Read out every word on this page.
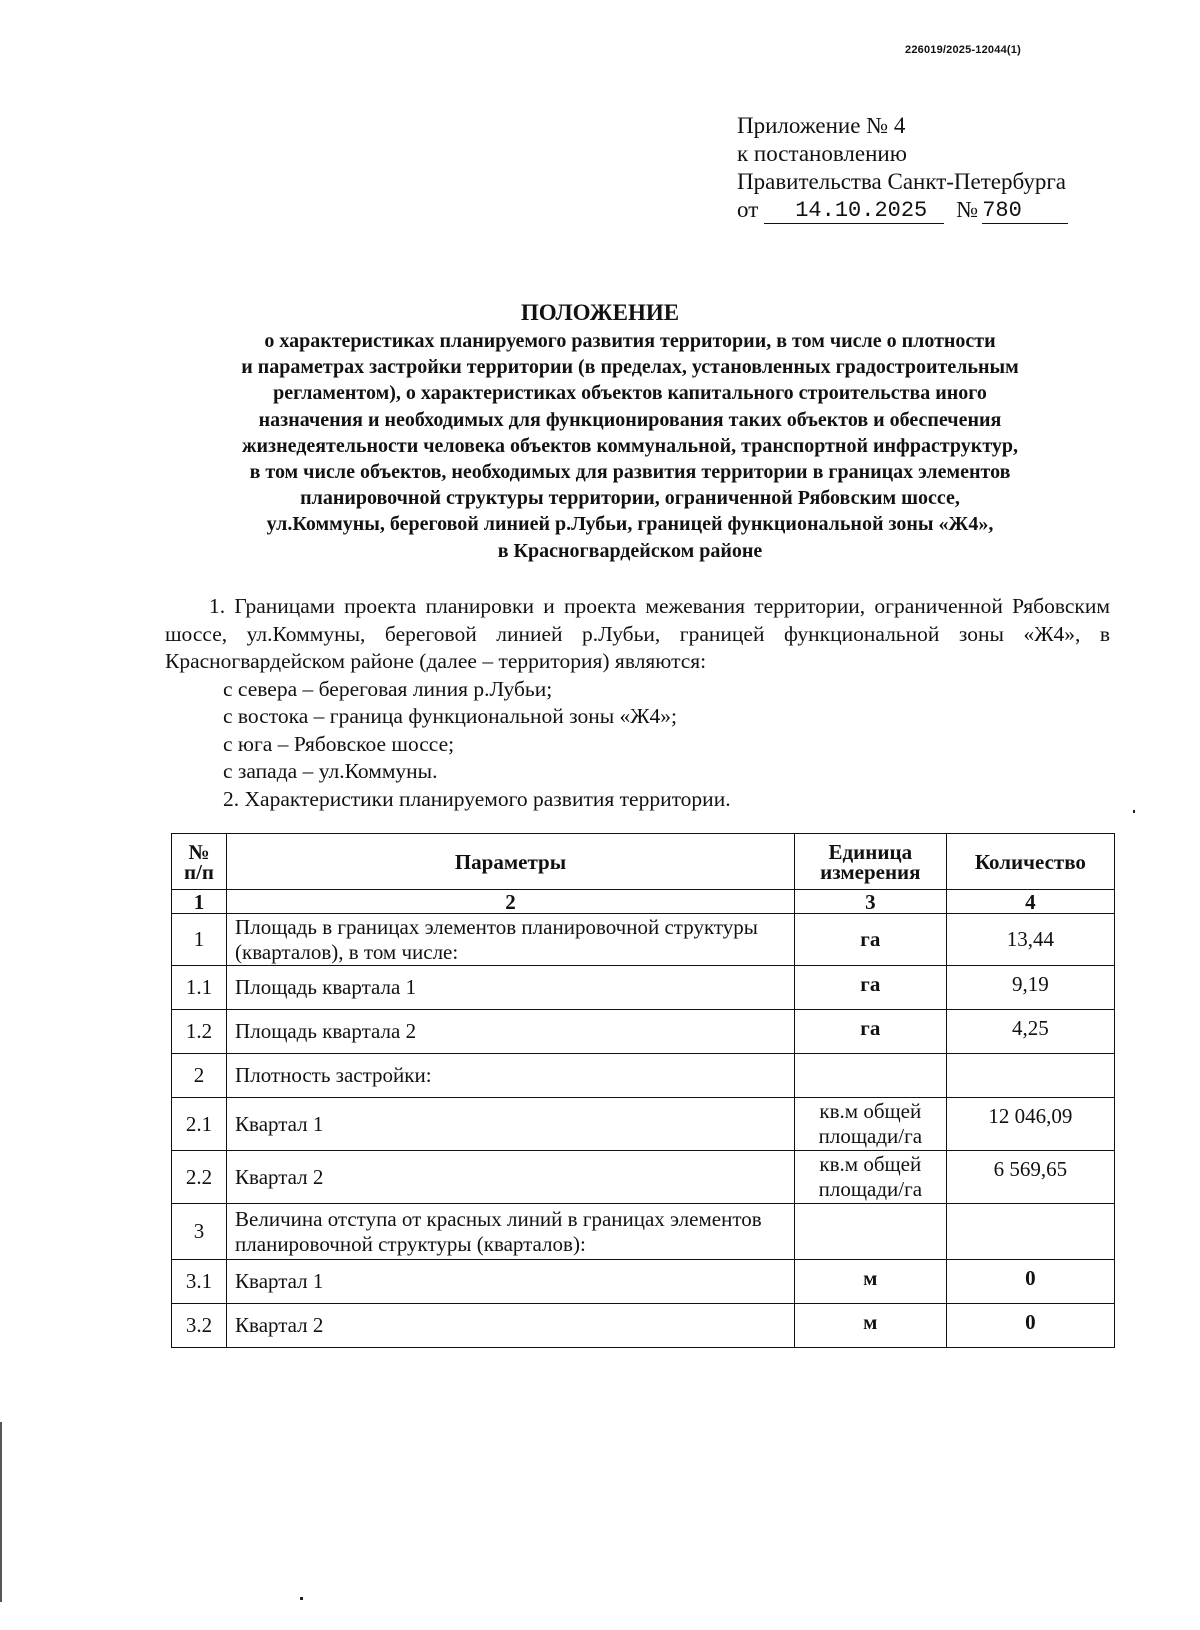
226019/2025-12044(1)
Приложение № 4
к постановлению
Правительства Санкт-Петербурга
от	14.10.2025	№ 780
ПОЛОЖЕНИЕ
о характеристиках планируемого развития территории, в том числе о плотности
и параметрах застройки территории (в пределах, установленных градостроительным
регламентом), о характеристиках объектов капитального строительства иного
назначения и необходимых для функционирования таких объектов и обеспечения
жизнедеятельности человека объектов коммунальной, транспортной инфраструктур,
в том числе объектов, необходимых для развития территории в границах элементов
планировочной структуры территории, ограниченной Рябовским шоссе,
ул.Коммуны, береговой линией р.Лубьи, границей функциональной зоны «Ж4»,
в Красногвардейском районе

1. Границами проекта планировки и проекта межевания территории, ограниченной Рябовским шоссе, ул.Коммуны, береговой линией р.Лубьи, границей функциональной зоны «Ж4», в Красногвардейском районе (далее – территория) являются:

с севера – береговая линия р.Лубьи;

с востока – граница функциональной зоны «Ж4»;

с юга – Рябовское шоссе;

с запада – ул.Коммуны.

2. Характеристики планируемого развития территории.

№ п/п	Параметры	Единица измерения	Количество
1	2	3	4
1	Площадь в границах элементов планировочной структуры (кварталов), в том числе:	га	13,44
1.1	Площадь квартала 1	га	9,19
1.2	Площадь квартала 2	га	4,25
2	Плотность застройки:		
2.1	Квартал 1	кв.м общей площади/га	12 046,09
2.2	Квартал 2	кв.м общей площади/га	6 569,65
3	Величина отступа от красных линий в границах элементов планировочной структуры (кварталов):		
3.1	Квартал 1	м	0
3.2	Квартал 2	м	0
